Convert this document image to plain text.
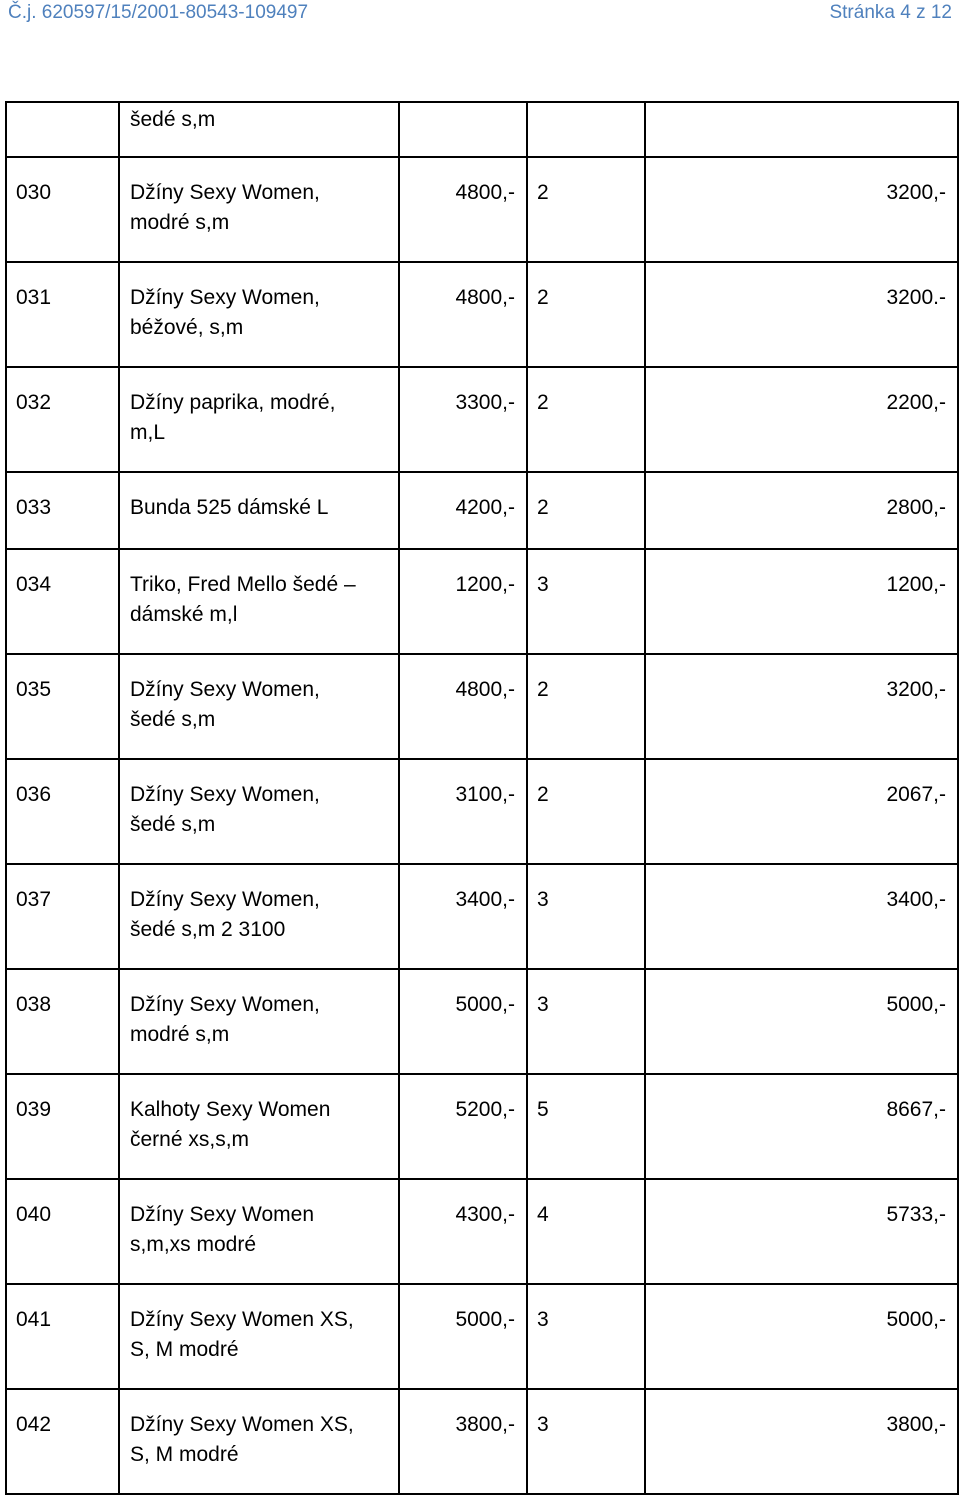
Č.j. 620597/15/2001-80543-109497	Stránka 4 z 12
	šedé s,m			
030	Džíny Sexy Women,
modré s,m	4800,-	2	3200,-
031	Džíny Sexy Women,
béžové, s,m	4800,-	2	3200.-
032	Džíny paprika, modré,
m,L	3300,-	2	2200,-
033	Bunda 525 dámské L	4200,-	2	2800,-
034	Triko, Fred Mello šedé –
dámské m,l	1200,-	3	1200,-
035	Džíny Sexy Women,
šedé s,m	4800,-	2	3200,-
036	Džíny Sexy Women,
šedé s,m	3100,-	2	2067,-
037	Džíny Sexy Women,
šedé s,m 2 3100	3400,-	3	3400,-
038	Džíny Sexy Women,
modré s,m	5000,-	3	5000,-
039	Kalhoty Sexy Women
černé xs,s,m	5200,-	5	8667,-
040	Džíny Sexy Women
s,m,xs modré	4300,-	4	5733,-
041	Džíny Sexy Women XS,
S, M modré	5000,-	3	5000,-
042	Džíny Sexy Women XS,
S, M modré	3800,-	3	3800,-
